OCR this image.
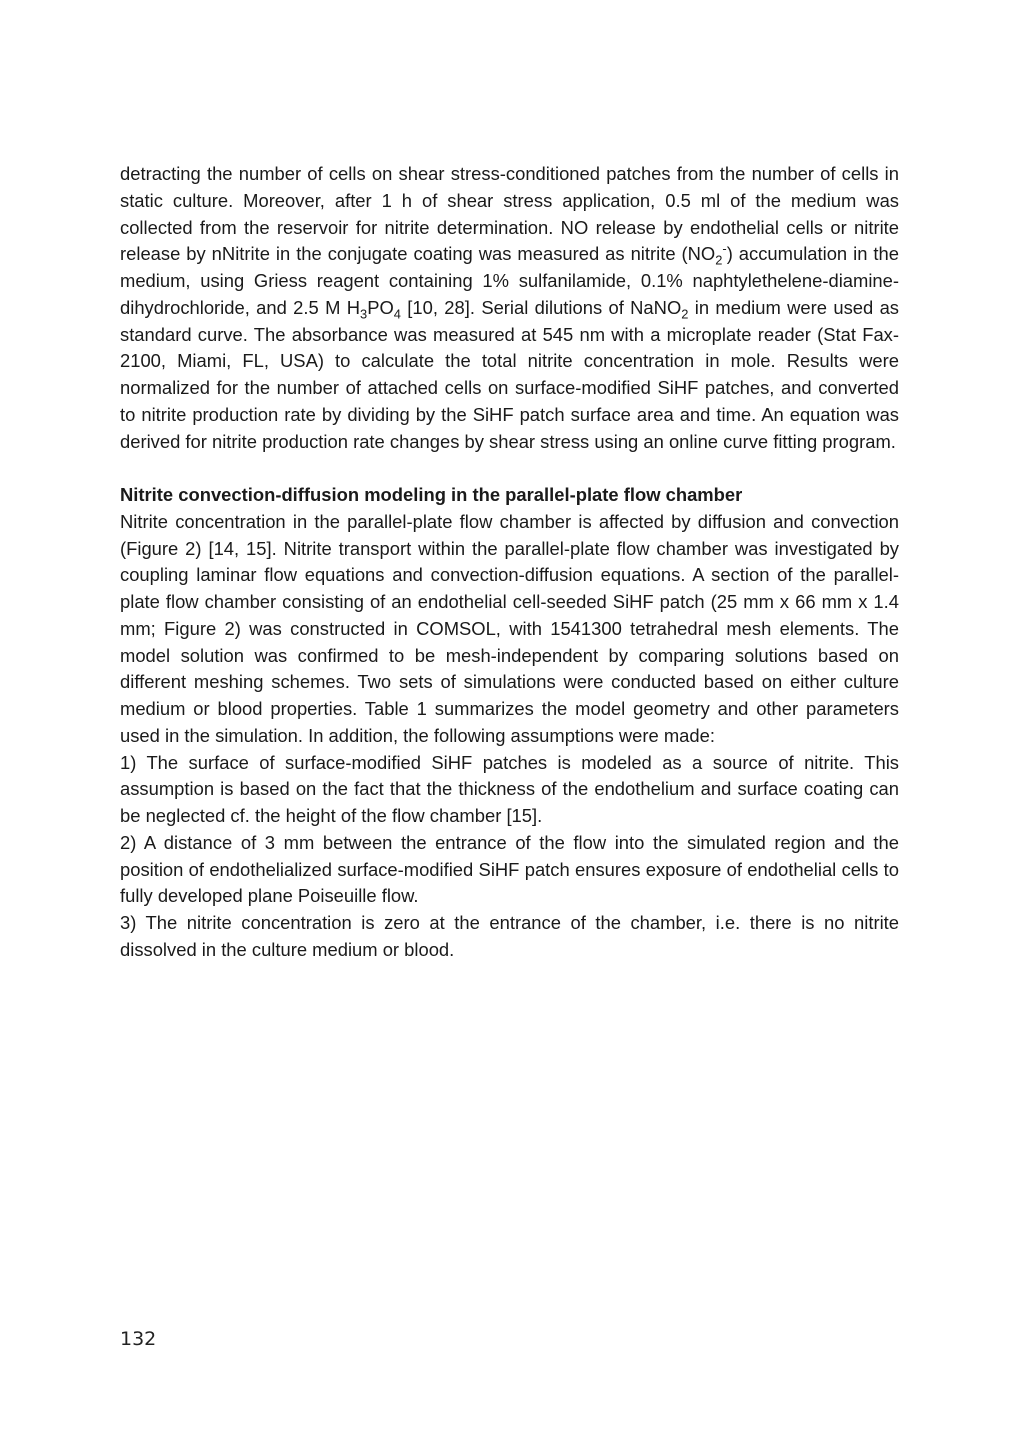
detracting the number of cells on shear stress-conditioned patches from the number of cells in static culture. Moreover, after 1 h of shear stress application, 0.5 ml of the medium was collected from the reservoir for nitrite determination. NO release by endothelial cells or nitrite release by nNitrite in the conjugate coating was measured as nitrite $(NO_2^-)$ accumulation in the medium, using Griess reagent containing 1% sulfanilamide, 0.1% naphtylethelene-diamine-dihydrochloride, and 2.5 M $H_3PO_4$ [10, 28]. Serial dilutions of NaNO$_2$ in medium were used as standard curve. The absorbance was measured at 545 nm with a microplate reader (Stat Fax-2100, Miami, FL, USA) to calculate the total nitrite concentration in mole. Results were normalized for the number of attached cells on surface-modified SiHF patches, and converted to nitrite production rate by dividing by the SiHF patch surface area and time. An equation was derived for nitrite production rate changes by shear stress using an online curve fitting program.

Nitrite convection-diffusion modeling in the parallel-plate flow chamber

Nitrite concentration in the parallel-plate flow chamber is affected by diffusion and convection (Figure 2) [14, 15]. Nitrite transport within the parallel-plate flow chamber was investigated by coupling laminar flow equations and convection-diffusion equations. A section of the parallel-plate flow chamber consisting of an endothelial cell-seeded SiHF patch (25 mm x 66 mm x 1.4 mm; Figure 2) was constructed in COMSOL, with 1541300 tetrahedral mesh elements. The model solution was confirmed to be mesh-independent by comparing solutions based on different meshing schemes. Two sets of simulations were conducted based on either culture medium or blood properties. Table 1 summarizes the model geometry and other parameters used in the simulation. In addition, the following assumptions were made:

1) The surface of surface-modified SiHF patches is modeled as a source of nitrite. This assumption is based on the fact that the thickness of the endothelium and surface coating can be neglected cf. the height of the flow chamber [15].

2) A distance of 3 mm between the entrance of the flow into the simulated region and the position of endothelialized surface-modified SiHF patch ensures exposure of endothelial cells to fully developed plane Poiseuille flow.

3) The nitrite concentration is zero at the entrance of the chamber, i.e. there is no nitrite dissolved in the culture medium or blood.

132
